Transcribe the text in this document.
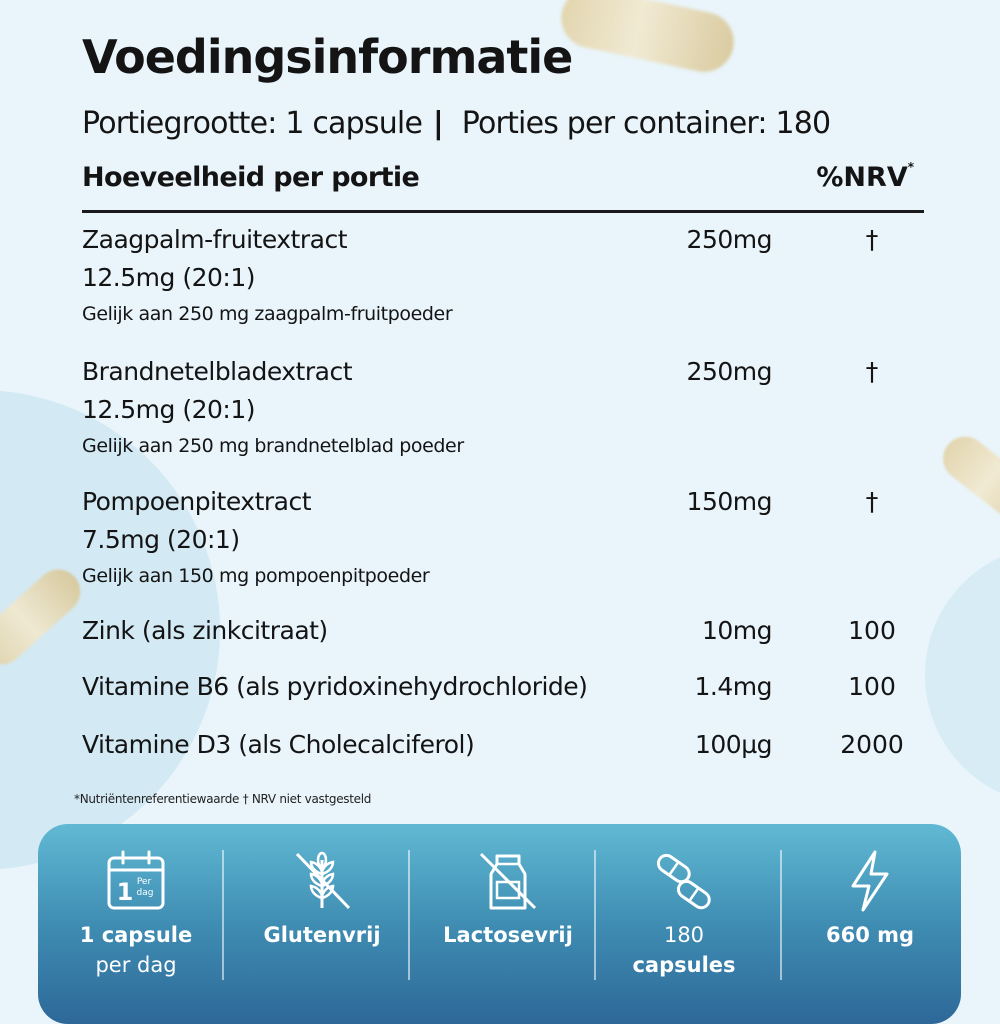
Voedingsinformatie
Portiegrootte: 1 capsule | Porties per container: 180
Hoeveelheid per portie	%NRV*
Zaagpalm-fruitextract
12.5mg (20:1)
Gelijk aan 250 mg zaagpalm-fruitpoeder
250mg	†
Brandnetelbladextract
12.5mg (20:1)
Gelijk aan 250 mg brandnetelblad poeder
250mg	†
Pompoenpitextract
7.5mg (20:1)
Gelijk aan 150 mg pompoenpitpoeder
150mg	†
Zink (als zinkcitraat)	10mg	100
Vitamine B6 (als pyridoxinehydrochloride)	1.4mg	100
Vitamine D3 (als Cholecalciferol)	100µg	2000
*Nutriëntenreferentiewaarde † NRV niet vastgesteld
1 Per
dag
1 capsule
per dag
Glutenvrij	Lactosevrij	180
capsules
660 mg
